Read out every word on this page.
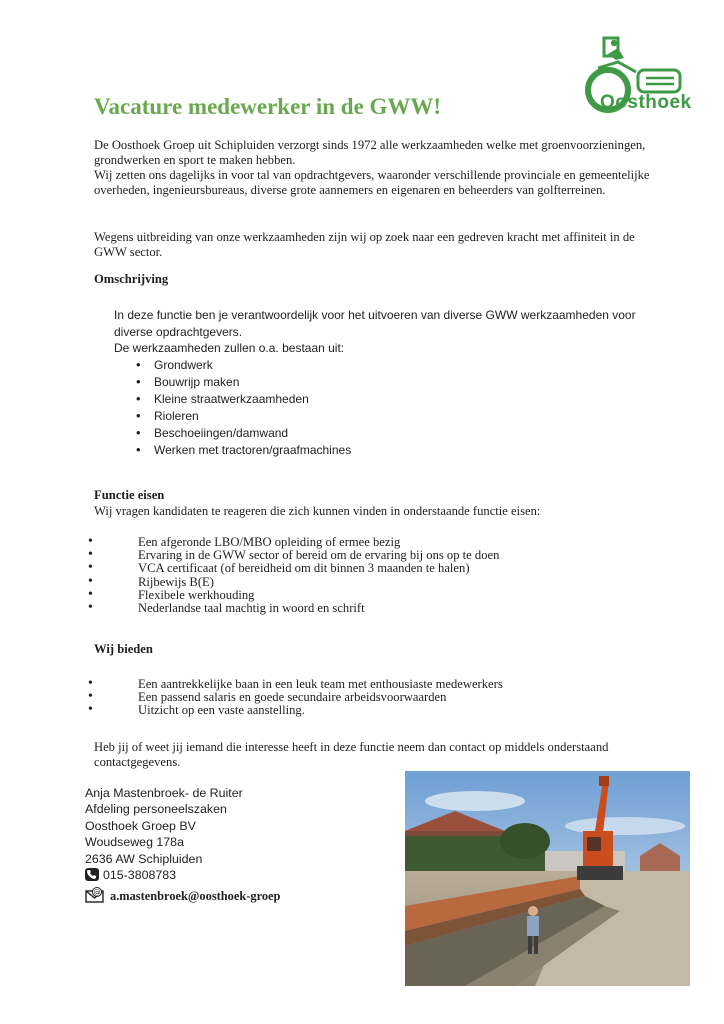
Oosthoek
Vacature medewerker in de GWW!
De Oosthoek Groep uit Schipluiden verzorgt sinds 1972 alle werkzaamheden welke met groenvoorzieningen, grondwerken en sport te maken hebben.
Wij zetten ons dagelijks in voor tal van opdrachtgevers, waaronder verschillende provinciale en gemeentelijke overheden, ingenieursbureaus, diverse grote aannemers en eigenaren en beheerders van golfterreinen.
Wegens uitbreiding van onze werkzaamheden zijn wij op zoek naar een gedreven kracht met affiniteit in de GWW sector.
Omschrijving
In deze functie ben je verantwoordelijk voor het uitvoeren van diverse GWW werkzaamheden voor diverse opdrachtgevers.
De werkzaamheden zullen o.a. bestaan uit:
• Grondwerk
• Bouwrijp maken
• Kleine straatwerkzaamheden
• Rioleren
• Beschoeiingen/damwand
• Werken met tractoren/graafmachines
Functie eisen
Wij vragen kandidaten te reageren die zich kunnen vinden in onderstaande functie eisen:
• Een afgeronde LBO/MBO opleiding of ermee bezig
• Ervaring in de GWW sector of bereid om de ervaring bij ons op te doen
• VCA certificaat (of bereidheid om dit binnen 3 maanden te halen)
• Rijbewijs B(E)
• Flexibele werkhouding
• Nederlandse taal machtig in woord en schrift
Wij bieden
• Een aantrekkelijke baan in een leuk team met enthousiaste medewerkers
• Een passend salaris en goede secundaire arbeidsvoorwaarden
• Uitzicht op een vaste aanstelling.
Heb jij of weet jij iemand die interesse heeft in deze functie neem dan contact op middels onderstaand contactgegevens.
Anja Mastenbroek- de Ruiter
Afdeling personeelszaken
Oosthoek Groep BV
Woudseweg 178a
2636 AW Schipluiden
015-3808783
@ a.mastenbroek@oosthoek-groep
